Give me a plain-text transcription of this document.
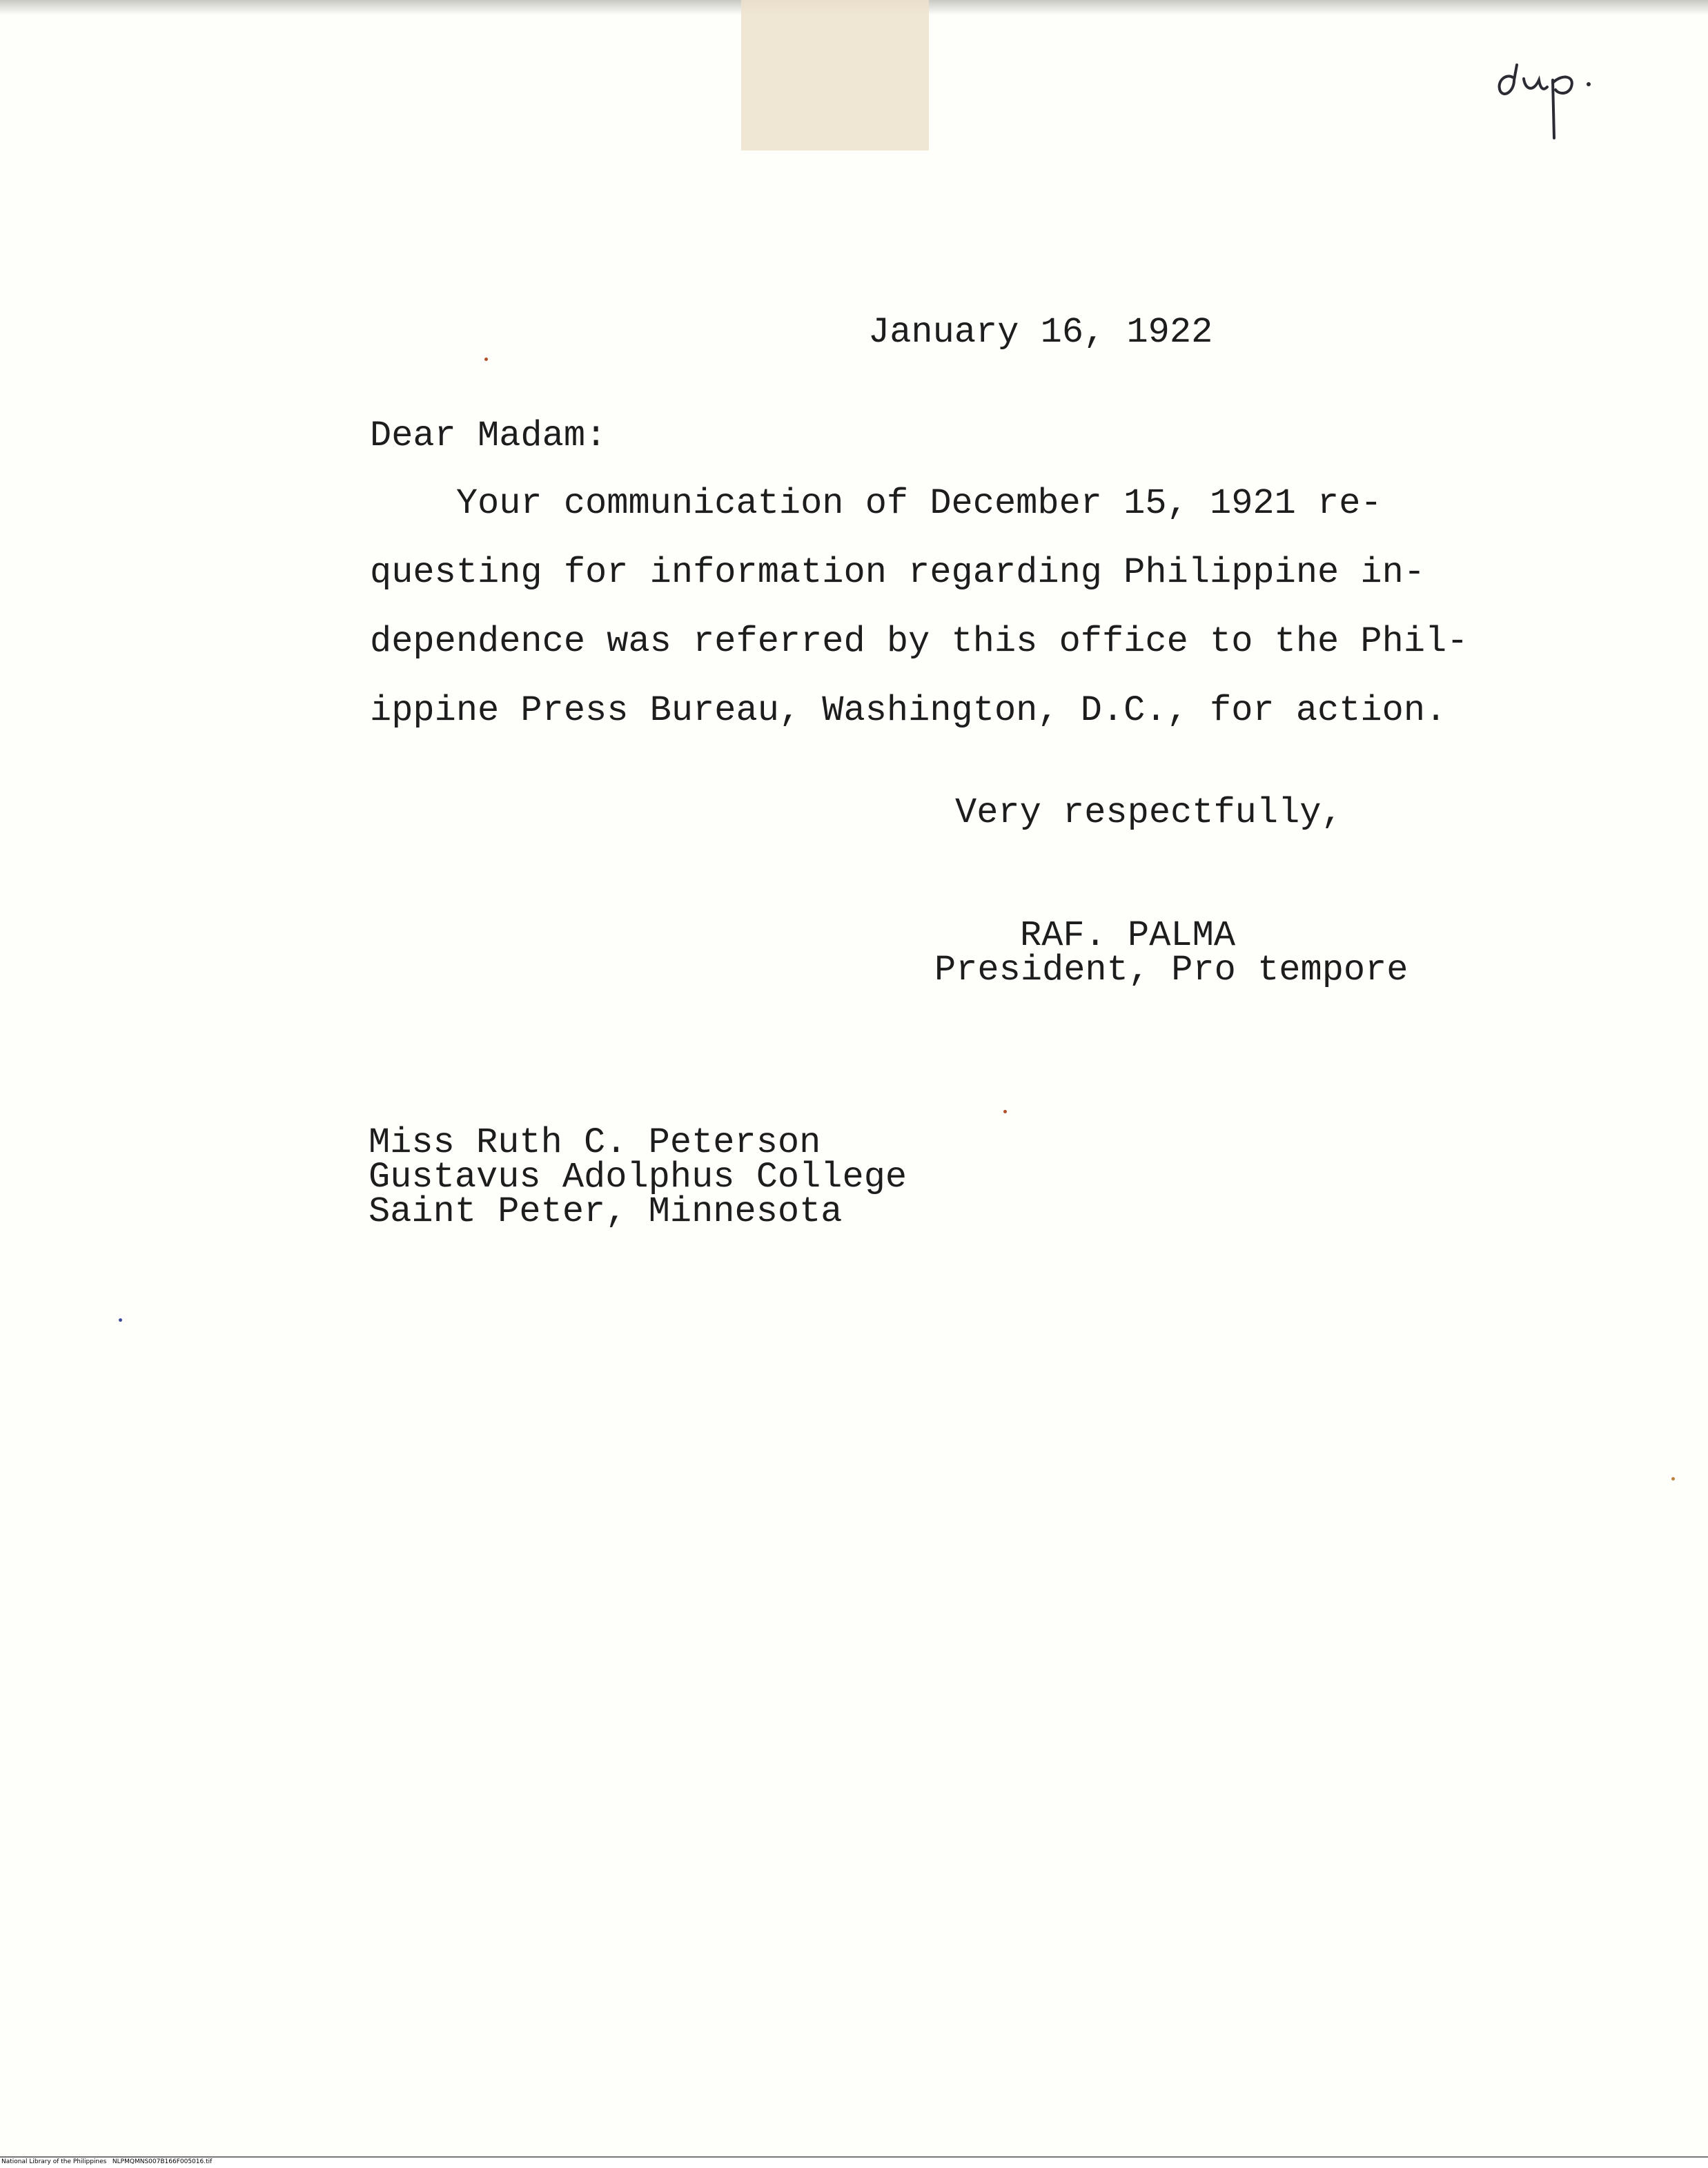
January 16, 1922
Dear Madam:
Your communication of December 15, 1921 re-
questing for information regarding Philippine in-
dependence was referred by this office to the Phil-
ippine Press Bureau, Washington, D.C., for action.
Very respectfully,
RAF. PALMA
President, Pro tempore
Miss Ruth C. Peterson
Gustavus Adolphus College
Saint Peter, Minnesota
National Library of the Philippines   NLPMQMNS007B166F005016.tif
